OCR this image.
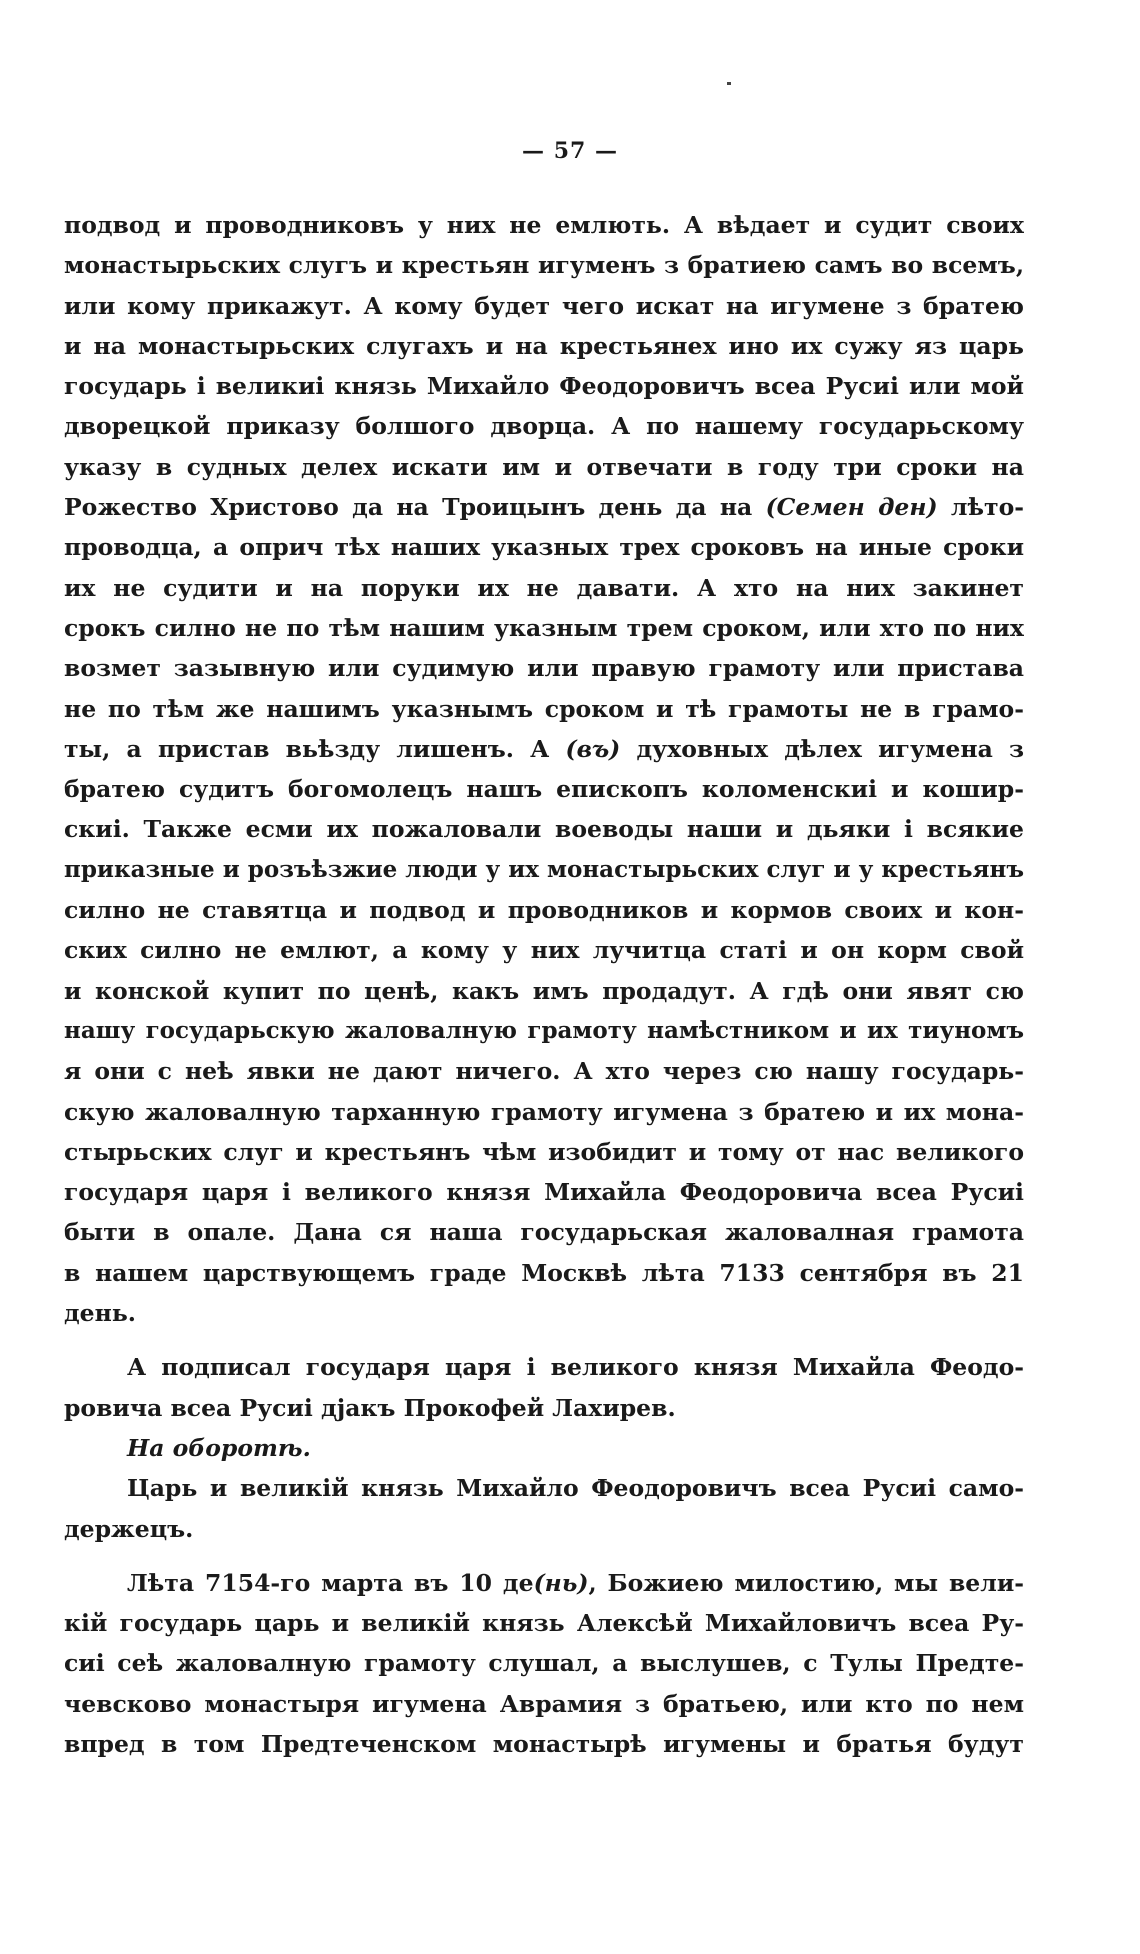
— 57 —
подвод и проводниковъ у них не емлють. А вѣдает и судит своих
монастырьских слугъ и крестьян игуменъ з братиею самъ во всемъ,
или кому прикажут. А кому будет чего искат на игумене з братею
и на монастырьских слугахъ и на крестьянех ино их сужу яз царь
государь і великиі князь Михайло Феодоровичъ всеа Русиі или мой
дворецкой приказу болшого дворца. А по нашему государьскому
указу в судных делех искати им и отвечати в году три сроки на
Рожество Христово да на Троицынъ день да на (Семен ден) лѣто-
проводца, а оприч тѣх наших указных трех сроковъ на иные сроки
их не судити и на поруки их не давати. А хто на них закинет
срокъ силно не по тѣм нашим указным трем сроком, или хто по них
возмет зазывную или судимую или правую грамоту или пристава
не по тѣм же нашимъ указнымъ сроком и тѣ грамоты не в грамо-
ты, а пристав вьѣзду лишенъ. А (въ) духовных дѣлех игумена з
братею судитъ богомолецъ нашъ епископъ коломенскиі и кошир-
скиі. Также есми их пожаловали воеводы наши и дьяки і всякие
приказные и розъѣзжие люди у их монастырьских слуг и у крестьянъ
силно не ставятца и подвод и проводников и кормов своих и кон-
ских силно не емлют, а кому у них лучитца статі и он корм свой
и конской купит по ценѣ, какъ имъ продадут. А гдѣ они явят сю
нашу государьскую жаловалную грамоту намѣстником и их тиуномъ
я они с неѣ явки не дают ничего. А хто через сю нашу государь-
скую жаловалную тарханную грамоту игумена з братею и их мона-
стырьских слуг и крестьянъ чѣм изобидит и тому от нас великого
государя царя і великого князя Михайла Феодоровича всеа Русиі
быти в опале. Дана ся наша государьская жаловалная грамота
в нашем царствующемъ граде Москвѣ лѣта 7133 сентября въ 21
день.
А подписал государя царя і великого князя Михайла Феодо-
ровича всеа Русиі дјакъ Прокофей Лахирев.
На оборотѣ.
Царь и великій князь Михайло Феодоровичъ всеа Русиі само-
держецъ.
Лѣта 7154-го марта въ 10 де(нь), Божиею милостию, мы вели-
кій государь царь и великій князь Алексѣй Михайловичъ всеа Ру-
сиі сеѣ жаловалную грамоту слушал, а выслушев, с Тулы Предте-
чевсково монастыря игумена Аврамия з братьею, или кто по нем
впред в том Предтеченском монастырѣ игумены и братья будут
